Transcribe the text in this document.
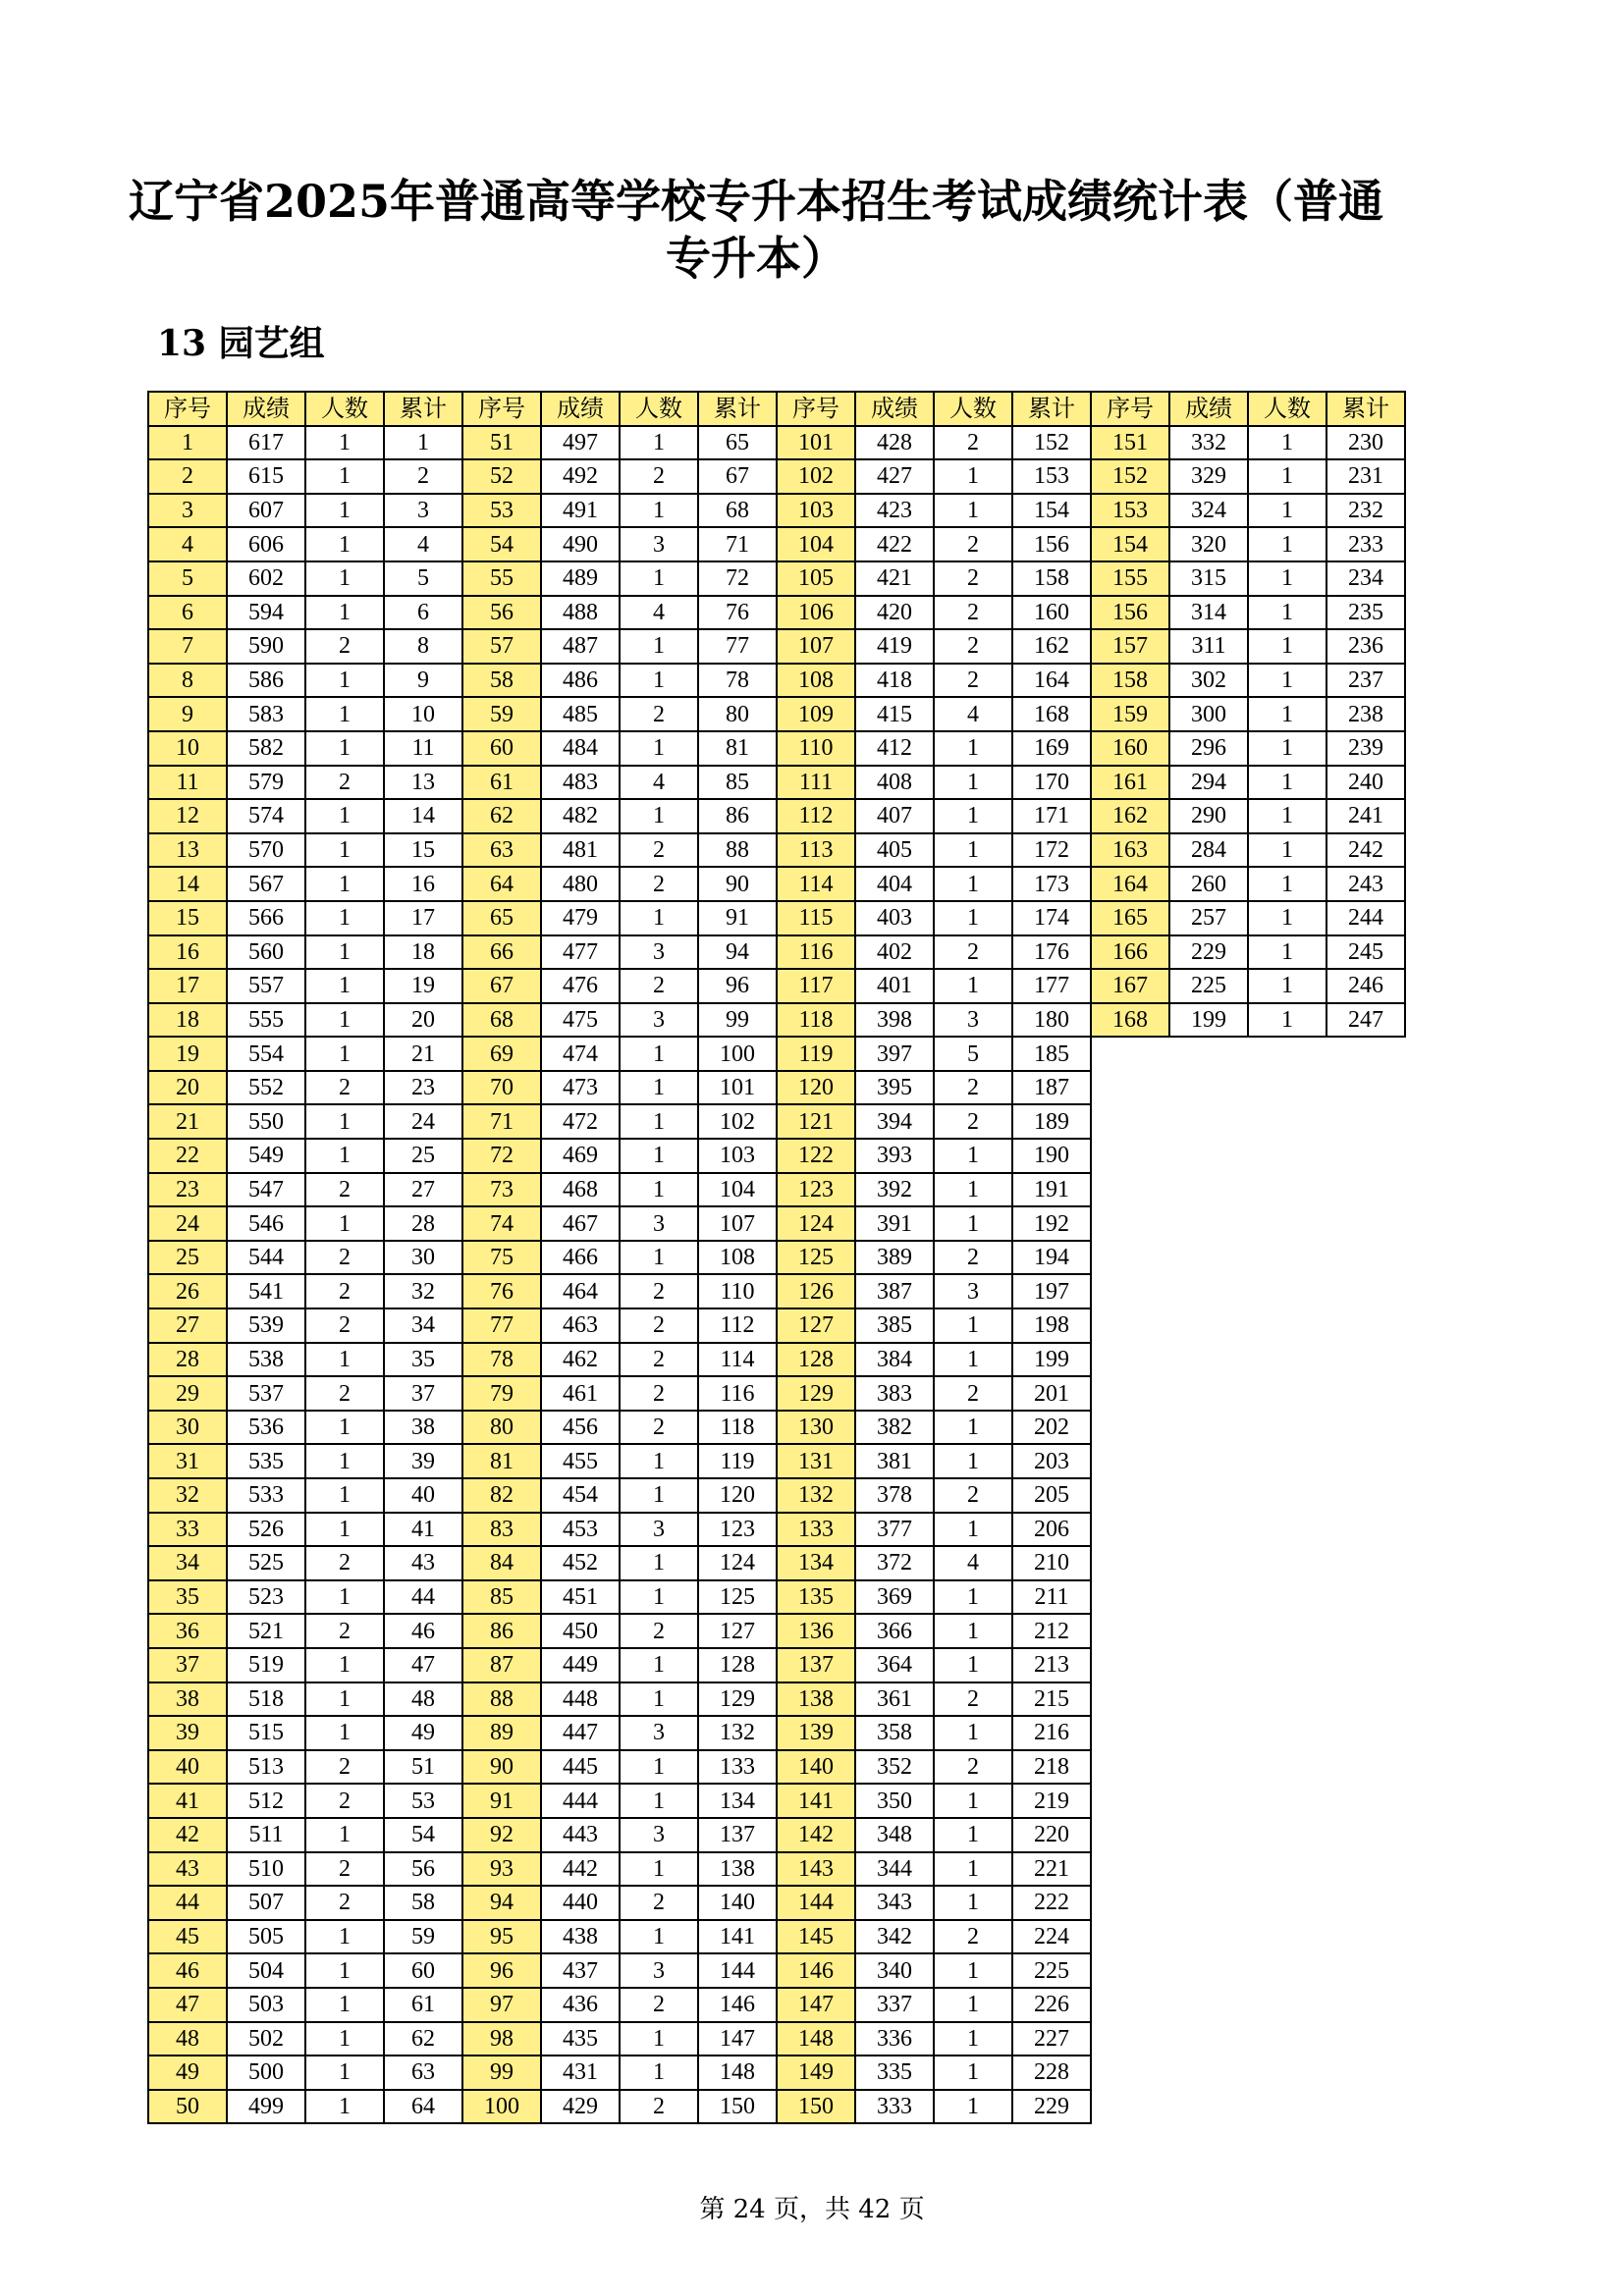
辽宁省2025年普通高等学校专升本招生考试成绩统计表（普通专升本）
13 园艺组
序号	成绩	人数	累计
1	617	1	1
2	615	1	2
3	607	1	3
4	606	1	4
5	602	1	5
6	594	1	6
7	590	2	8
8	586	1	9
9	583	1	10
10	582	1	11
11	579	2	13
12	574	1	14
13	570	1	15
14	567	1	16
15	566	1	17
16	560	1	18
17	557	1	19
18	555	1	20
19	554	1	21
20	552	2	23
21	550	1	24
22	549	1	25
23	547	2	27
24	546	1	28
25	544	2	30
26	541	2	32
27	539	2	34
28	538	1	35
29	537	2	37
30	536	1	38
31	535	1	39
32	533	1	40
33	526	1	41
34	525	2	43
35	523	1	44
36	521	2	46
37	519	1	47
38	518	1	48
39	515	1	49
40	513	2	51
41	512	2	53
42	511	1	54
43	510	2	56
44	507	2	58
45	505	1	59
46	504	1	60
47	503	1	61
48	502	1	62
49	500	1	63
50	499	1	64
序号	成绩	人数	累计
51	497	1	65
52	492	2	67
53	491	1	68
54	490	3	71
55	489	1	72
56	488	4	76
57	487	1	77
58	486	1	78
59	485	2	80
60	484	1	81
61	483	4	85
62	482	1	86
63	481	2	88
64	480	2	90
65	479	1	91
66	477	3	94
67	476	2	96
68	475	3	99
69	474	1	100
70	473	1	101
71	472	1	102
72	469	1	103
73	468	1	104
74	467	3	107
75	466	1	108
76	464	2	110
77	463	2	112
78	462	2	114
79	461	2	116
80	456	2	118
81	455	1	119
82	454	1	120
83	453	3	123
84	452	1	124
85	451	1	125
86	450	2	127
87	449	1	128
88	448	1	129
89	447	3	132
90	445	1	133
91	444	1	134
92	443	3	137
93	442	1	138
94	440	2	140
95	438	1	141
96	437	3	144
97	436	2	146
98	435	1	147
99	431	1	148
100	429	2	150
序号	成绩	人数	累计
101	428	2	152
102	427	1	153
103	423	1	154
104	422	2	156
105	421	2	158
106	420	2	160
107	419	2	162
108	418	2	164
109	415	4	168
110	412	1	169
111	408	1	170
112	407	1	171
113	405	1	172
114	404	1	173
115	403	1	174
116	402	2	176
117	401	1	177
118	398	3	180
119	397	5	185
120	395	2	187
121	394	2	189
122	393	1	190
123	392	1	191
124	391	1	192
125	389	2	194
126	387	3	197
127	385	1	198
128	384	1	199
129	383	2	201
130	382	1	202
131	381	1	203
132	378	2	205
133	377	1	206
134	372	4	210
135	369	1	211
136	366	1	212
137	364	1	213
138	361	2	215
139	358	1	216
140	352	2	218
141	350	1	219
142	348	1	220
143	344	1	221
144	343	1	222
145	342	2	224
146	340	1	225
147	337	1	226
148	336	1	227
149	335	1	228
150	333	1	229
序号	成绩	人数	累计
151	332	1	230
152	329	1	231
153	324	1	232
154	320	1	233
155	315	1	234
156	314	1	235
157	311	1	236
158	302	1	237
159	300	1	238
160	296	1	239
161	294	1	240
162	290	1	241
163	284	1	242
164	260	1	243
165	257	1	244
166	229	1	245
167	225	1	246
168	199	1	247
第 24 页，共 42 页
